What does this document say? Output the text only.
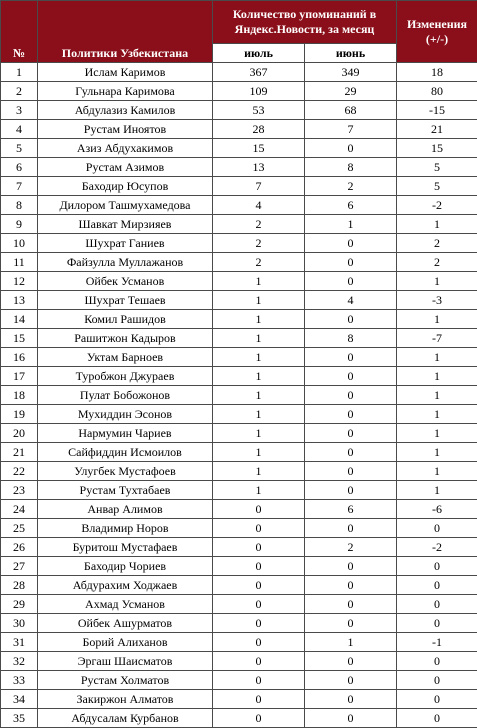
№	Политики Узбекистана	Количество упоминаний в Яндекс.Новости, за месяц		Изменения (+/-)
		июль	июнь	
1	Ислам Каримов	367	349	18
2	Гульнара Каримова	109	29	80
3	Абдулазиз Камилов	53	68	-15
4	Рустам Иноятов	28	7	21
5	Азиз Абдухакимов	15	0	15
6	Рустам Азимов	13	8	5
7	Баходир Юсупов	7	2	5
8	Дилором Ташмухамедова	4	6	-2
9	Шавкат Мирзияев	2	1	1
10	Шухрат Ганиев	2	0	2
11	Файзулла Муллажанов	2	0	2
12	Ойбек Усманов	1	0	1
13	Шухрат Тешаев	1	4	-3
14	Комил Рашидов	1	0	1
15	Рашитжон Кадыров	1	8	-7
16	Уктам Барноев	1	0	1
17	Туробжон Джураев	1	0	1
18	Пулат Бобожонов	1	0	1
19	Мухиддин Эсонов	1	0	1
20	Нармумин Чариев	1	0	1
21	Сайфиддин Исмоилов	1	0	1
22	Улугбек Мустафоев	1	0	1
23	Рустам Тухтабаев	1	0	1
24	Анвар Алимов	0	6	-6
25	Владимир Норов	0	0	0
26	Буритош Мустафаев	0	2	-2
27	Баходир Чориев	0	0	0
28	Абдурахим Ходжаев	0	0	0
29	Ахмад Усманов	0	0	0
30	Ойбек Ашурматов	0	0	0
31	Борий Алиханов	0	1	-1
32	Эргаш Шаисматов	0	0	0
33	Рустам Холматов	0	0	0
34	Закиржон Алматов	0	0	0
35	Абдусалам Курбанов	0	0	0
